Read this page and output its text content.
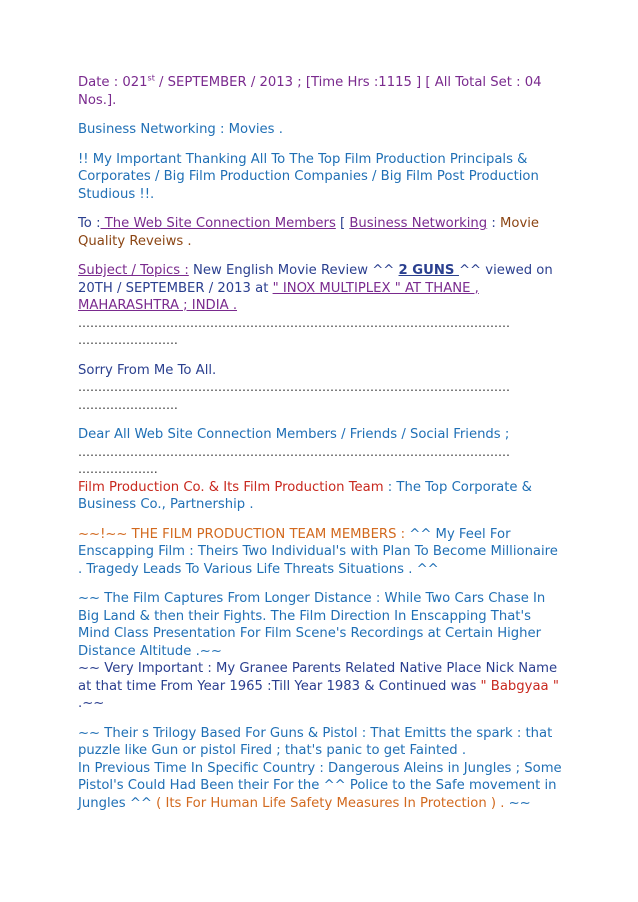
Date : 021st / SEPTEMBER / 2013 ; [Time Hrs :1115 ] [ All Total Set : 04 Nos.].

Business Networking : Movies .

!! My Important Thanking All To The Top Film Production Principals & Corporates / Big Film Production Companies / Big Film Post Production Studious !!.

To : The Web Site Connection Members [ Business Networking : Movie Quality Reveiws .

Subject / Topics : New English Movie Review ^^ 2 GUNS ^^ viewed on 20TH / SEPTEMBER / 2013 at " INOX MULTIPLEX " AT THANE , MAHARASHTRA ; INDIA .

………………………………………………………………………………………………

…………………….

Sorry From Me To All.

………………………………………………………………………………………………

…………………….

Dear All Web Site Connection Members / Friends / Social Friends ;

………………………………………………………………………………………………

………………..

Film Production Co. & Its Film Production Team : The Top Corporate & Business Co., Partnership .

~~!~~ THE FILM PRODUCTION TEAM MEMBERS : ^^ My Feel For Enscapping Film : Theirs Two Individual's with Plan To Become Millionaire . Tragedy Leads To Various Life Threats Situations . ^^

~~ The Film Captures From Longer Distance : While Two Cars Chase In Big Land & then their Fights. The Film Direction In Enscapping That's Mind Class Presentation For Film Scene's Recordings at Certain Higher Distance Altitude .~~

~~ Very Important : My Granee Parents Related Native Place Nick Name at that time From Year 1965 :Till Year 1983 & Continued was " Babgyaa " .~~

~~ Their s Trilogy Based For Guns & Pistol : That Emitts the spark : that puzzle like Gun or pistol Fired ; that's panic to get Fainted .

In Previous Time In Specific Country : Dangerous Aleins in Jungles ; Some Pistol's Could Had Been their For the ^^ Police to the Safe movement in Jungles ^^ ( Its For Human Life Safety Measures In Protection ) . ~~
